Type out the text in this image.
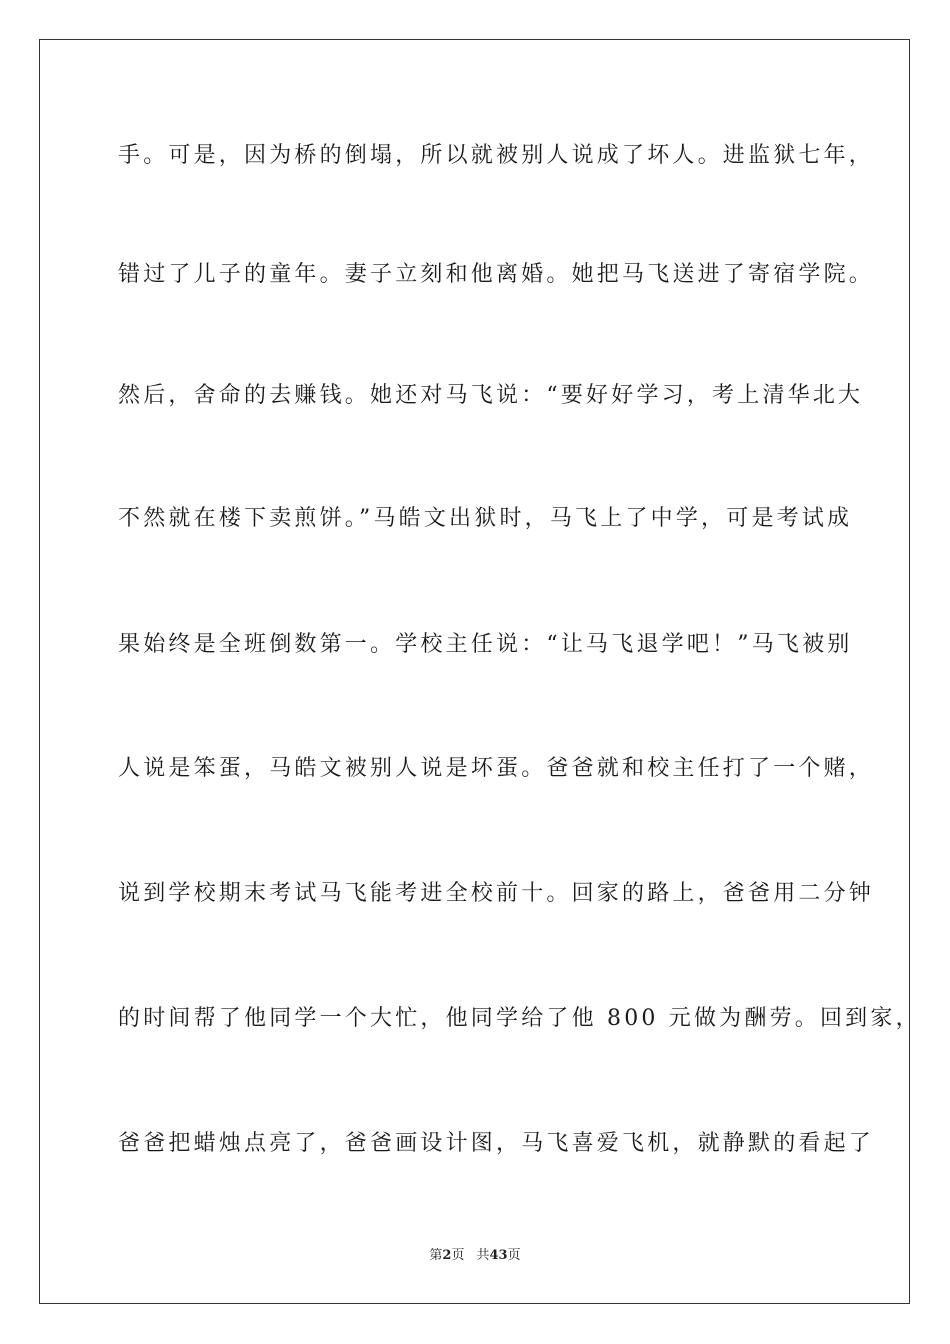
手。可是，因为桥的倒塌，所以就被别人说成了坏人。进监狱七年，
错过了儿子的童年。妻子立刻和他离婚。她把马飞送进了寄宿学院。
然后，舍命的去赚钱。她还对马飞说：“要好好学习，考上清华北大
不然就在楼下卖煎饼。”马皓文出狱时，马飞上了中学，可是考试成
果始终是全班倒数第一。学校主任说：“让马飞退学吧！”马飞被别
人说是笨蛋，马皓文被别人说是坏蛋。爸爸就和校主任打了一个赌，
说到学校期末考试马飞能考进全校前十。回家的路上，爸爸用二分钟
的时间帮了他同学一个大忙，他同学给了他 800 元做为酬劳。回到家，
爸爸把蜡烛点亮了，爸爸画设计图，马飞喜爱飞机，就静默的看起了
第2页 共43页
